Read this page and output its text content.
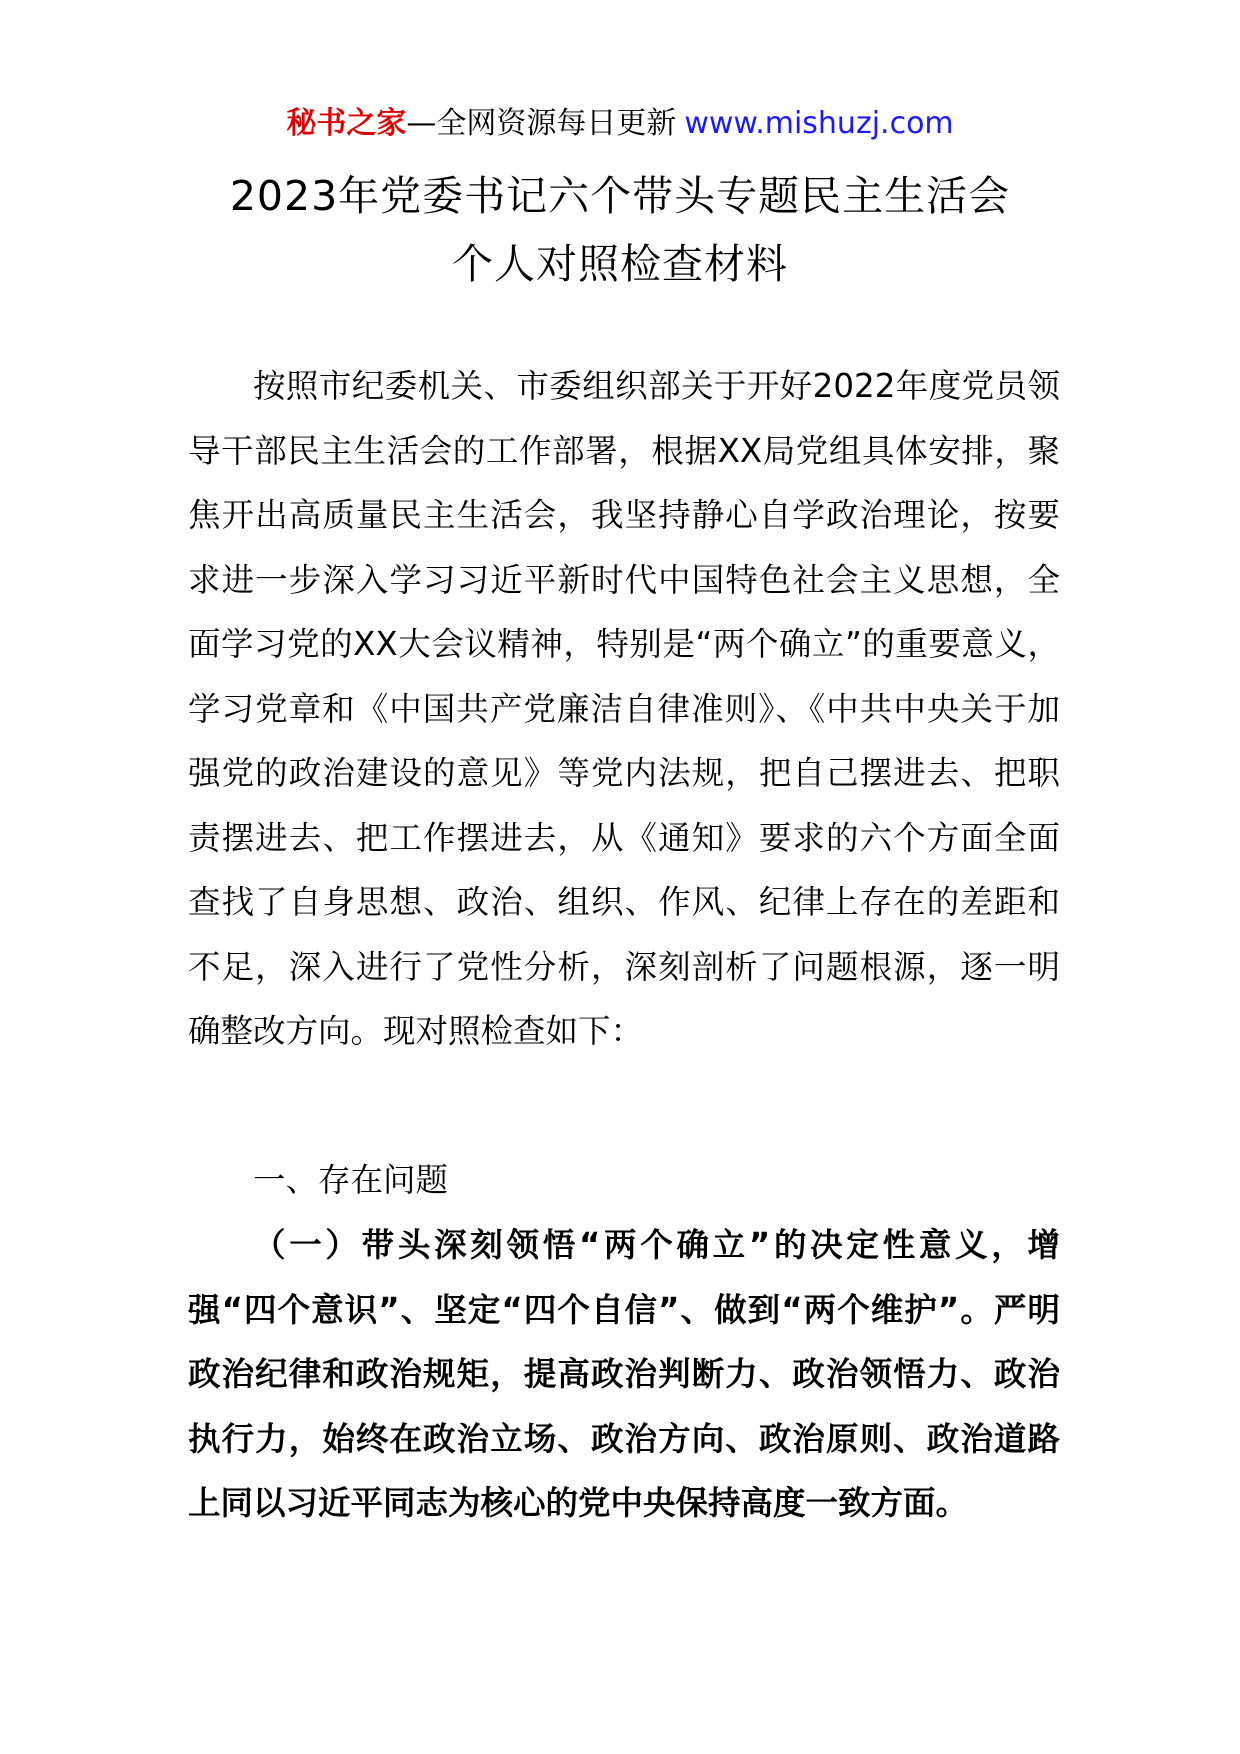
秘书之家—全网资源每日更新 www.mishuzj.com
2023年党委书记六个带头专题民主生活会
个人对照检查材料

按照市纪委机关、市委组织部关于开好2022年度党员领导干部民主生活会的工作部署，根据XX局党组具体安排，聚焦开出高质量民主生活会，我坚持静心自学政治理论，按要求进一步深入学习习近平新时代中国特色社会主义思想，全面学习党的XX大会议精神，特别是“两个确立”的重要意义，学习党章和《中国共产党廉洁自律准则》、《中共中央关于加强党的政治建设的意见》等党内法规，把自己摆进去、把职责摆进去、把工作摆进去，从《通知》要求的六个方面全面查找了自身思想、政治、组织、作风、纪律上存在的差距和不足，深入进行了党性分析，深刻剖析了问题根源，逐一明确整改方向。现对照检查如下：

一、存在问题

（一）带头深刻领悟“两个确立”的决定性意义，增强“四个意识”、坚定“四个自信”、做到“两个维护”。严明政治纪律和政治规矩，提高政治判断力、政治领悟力、政治执行力，始终在政治立场、政治方向、政治原则、政治道路上同以习近平同志为核心的党中央保持高度一致方面。
